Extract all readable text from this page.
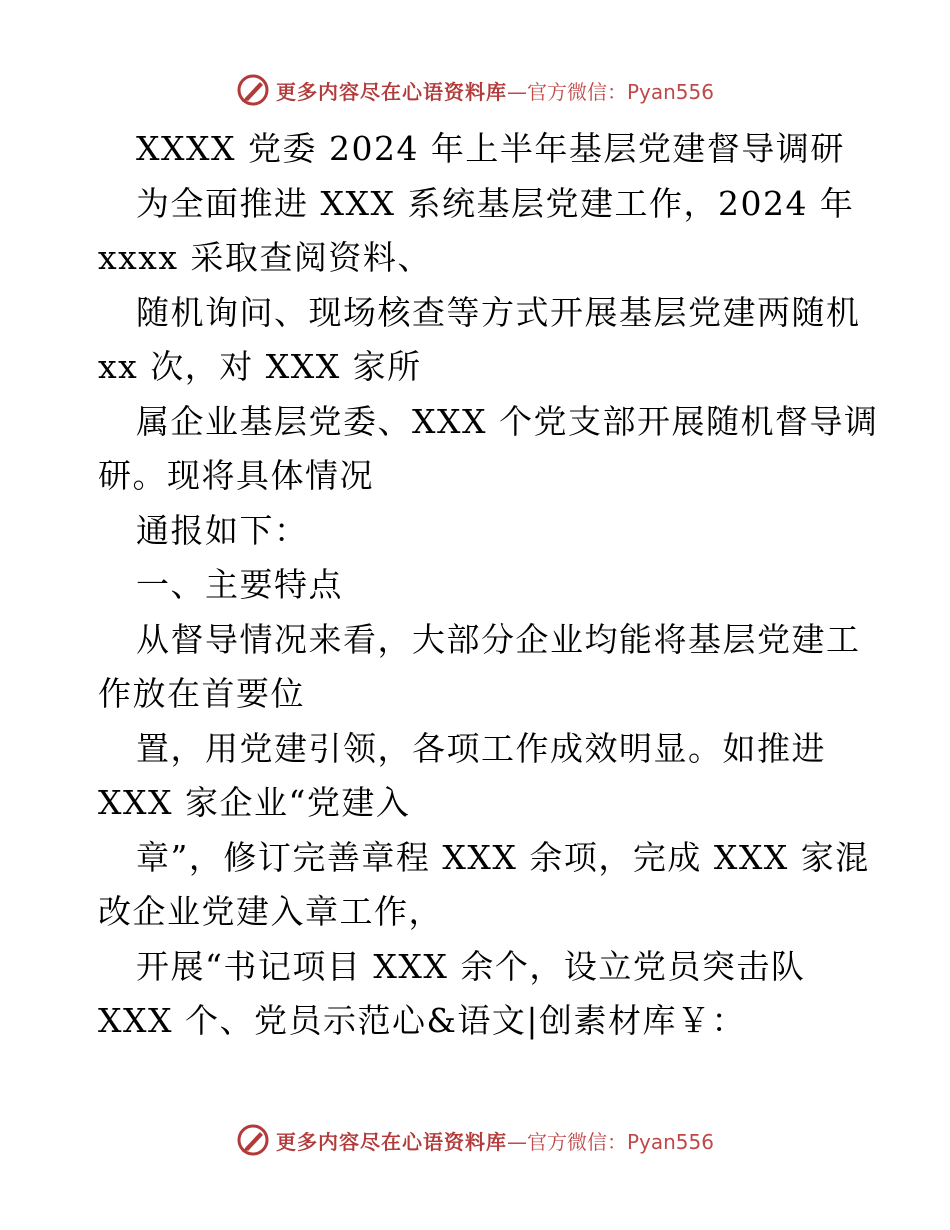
更多内容尽在心语资料库 —官方微信：Pyan556
XXXX 党委 2024 年上半年基层党建督导调研
为全面推进 XXX 系统基层党建工作，2024 年
xxxx 采取查阅资料、
随机询问、现场核查等方式开展基层党建两随机
xx 次，对 XXX 家所
属企业基层党委、XXX 个党支部开展随机督导调
研。现将具体情况
通报如下：
一、主要特点
从督导情况来看，大部分企业均能将基层党建工
作放在首要位
置，用党建引领，各项工作成效明显。如推进
XXX 家企业“党建入
章”，修订完善章程 XXX 余项，完成 XXX 家混
改企业党建入章工作，
开展“书记项目 XXX 余个，设立党员突击队
XXX 个、党员示范心&语文|创素材库￥：
更多内容尽在心语资料库 —官方微信：Pyan556
